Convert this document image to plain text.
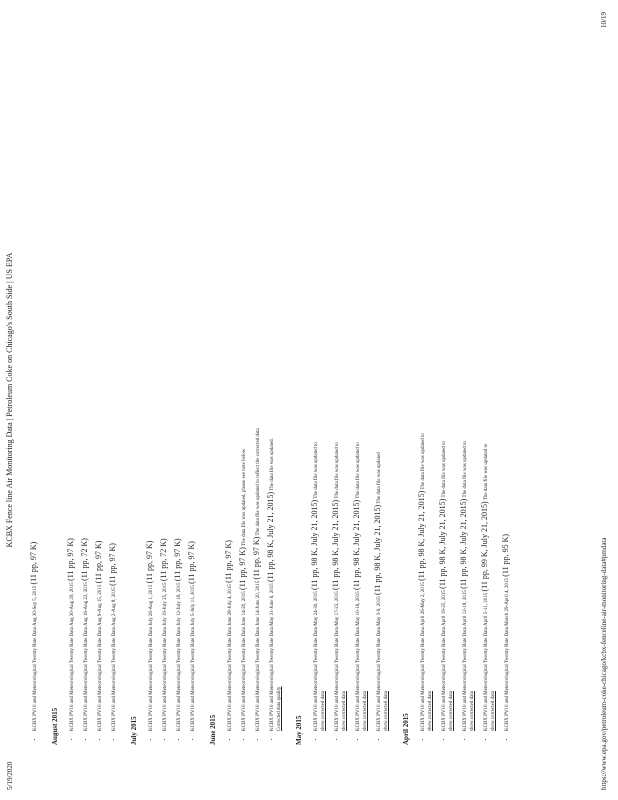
5/19/2020
KCBX Fence line Air Monitoring Data | Petroleum Coke on Chicago's South Side | US EPA
• KCBX PV10 and Meteorological Twenty Rate Data Aug 30-Sep 5, 2015 (11 pp, 97 K)
August 2015	• KCBX PV10 and Meteorological Twenty Rate Data Aug 30-Aug 29, 2015 (11 pp, 97 K)
• KCBX PV10 and Meteorological Twenty Rate Data Aug 16-Aug 22, 2015 (11 pp, 72 K)
• KCBX PV10 and Meteorological Twenty Rate Data Aug 9-Aug 15, 2015 (11 pp, 97 K)
• KCBX PV10 and Meteorological Twenty Rate Data Aug 2-Aug 8, 2015 (11 pp, 97 K)
July 2015	• KCBX PV10 and Meteorological Twenty Rate Data July 26-Aug 1, 2015 (11 pp, 97 K)
• KCBX PV10 and Meteorological Twenty Rate Data July 19-July 25, 2015 (11 pp, 72 K)
• KCBX PV10 and Meteorological Twenty Rate Data July 12-July 18, 2015 (11 pp, 97 K)
• KCBX PV10 and Meteorological Twenty Rate Data July 5-July 11, 2015 (11 pp, 97 K)
June 2015	• KCBX PV10 and Meteorological Twenty Rate Data June 28-July 4, 2015 (11 pp, 97 K)
• KCBX PV10 and Meteorological Twenty Rate Data June 14-20, 2015 (11 pp, 97 K) The data file was updated, please see note below
• KCBX PV10 and Meteorological Twenty Rate Data June 14-June 20, 2015 (11 pp, 97 K) The data file was updated to reflect the corrected data
• KCBX PV10 and Meteorological Twenty Rate Data May 31-June 6, 2015 (11 pp, 98 K, July 21, 2015) The data file was updated.
Corrected data quality May 2015	• KCBX PV10 and Meteorological Twenty Rate Data May 24-30, 2015 (11 pp, 98 K, July 21, 2015) The data file was updated to
show corrected data	• KCBX PV10 and Meteorological Twenty Rate Data May 17-23, 2015 (11 pp, 98 K, July 21, 2015) The data file was updated to
show corrected data	• KCBX PV10 and Meteorological Twenty Rate Data May 10-16, 2015 (11 pp, 98 K, July 21, 2015) The data file was updated to
show corrected data	• KCBX PV10 and Meteorological Twenty Rate Data May 3-9, 2015 (11 pp, 98 K, July 21, 2015) The data file was updated
show corrected data April 2015	• KCBX PV10 and Meteorological Twenty Rate Data April 26-May 2, 2015 (11 pp, 98 K, July 21, 2015) The data file was updated to
show corrected data	• KCBX PV10 and Meteorological Twenty Rate Data April 19-25, 2015 (11 pp, 98 K, July 21, 2015) The data file was updated to
show corrected data	• KCBX PV10 and Meteorological Twenty Rate Data April 12-18, 2015 (11 pp, 98 K, July 21, 2015) The data file was updated to
show corrected data	• KCBX PV10 and Meteorological Twenty Rate Data April 5-11, 2015 (11 pp, 99 K, July 21, 2015) The data file was updated to
show corrected data	• KCBX PV10 and Meteorological Twenty Rate Data March 29-April 4, 2015 (11 pp, 95 K)	https://www.epa.gov/petroleum-coke-chicago/kcbx-fenceline-air-monitoring-data#pmdata
10/19
